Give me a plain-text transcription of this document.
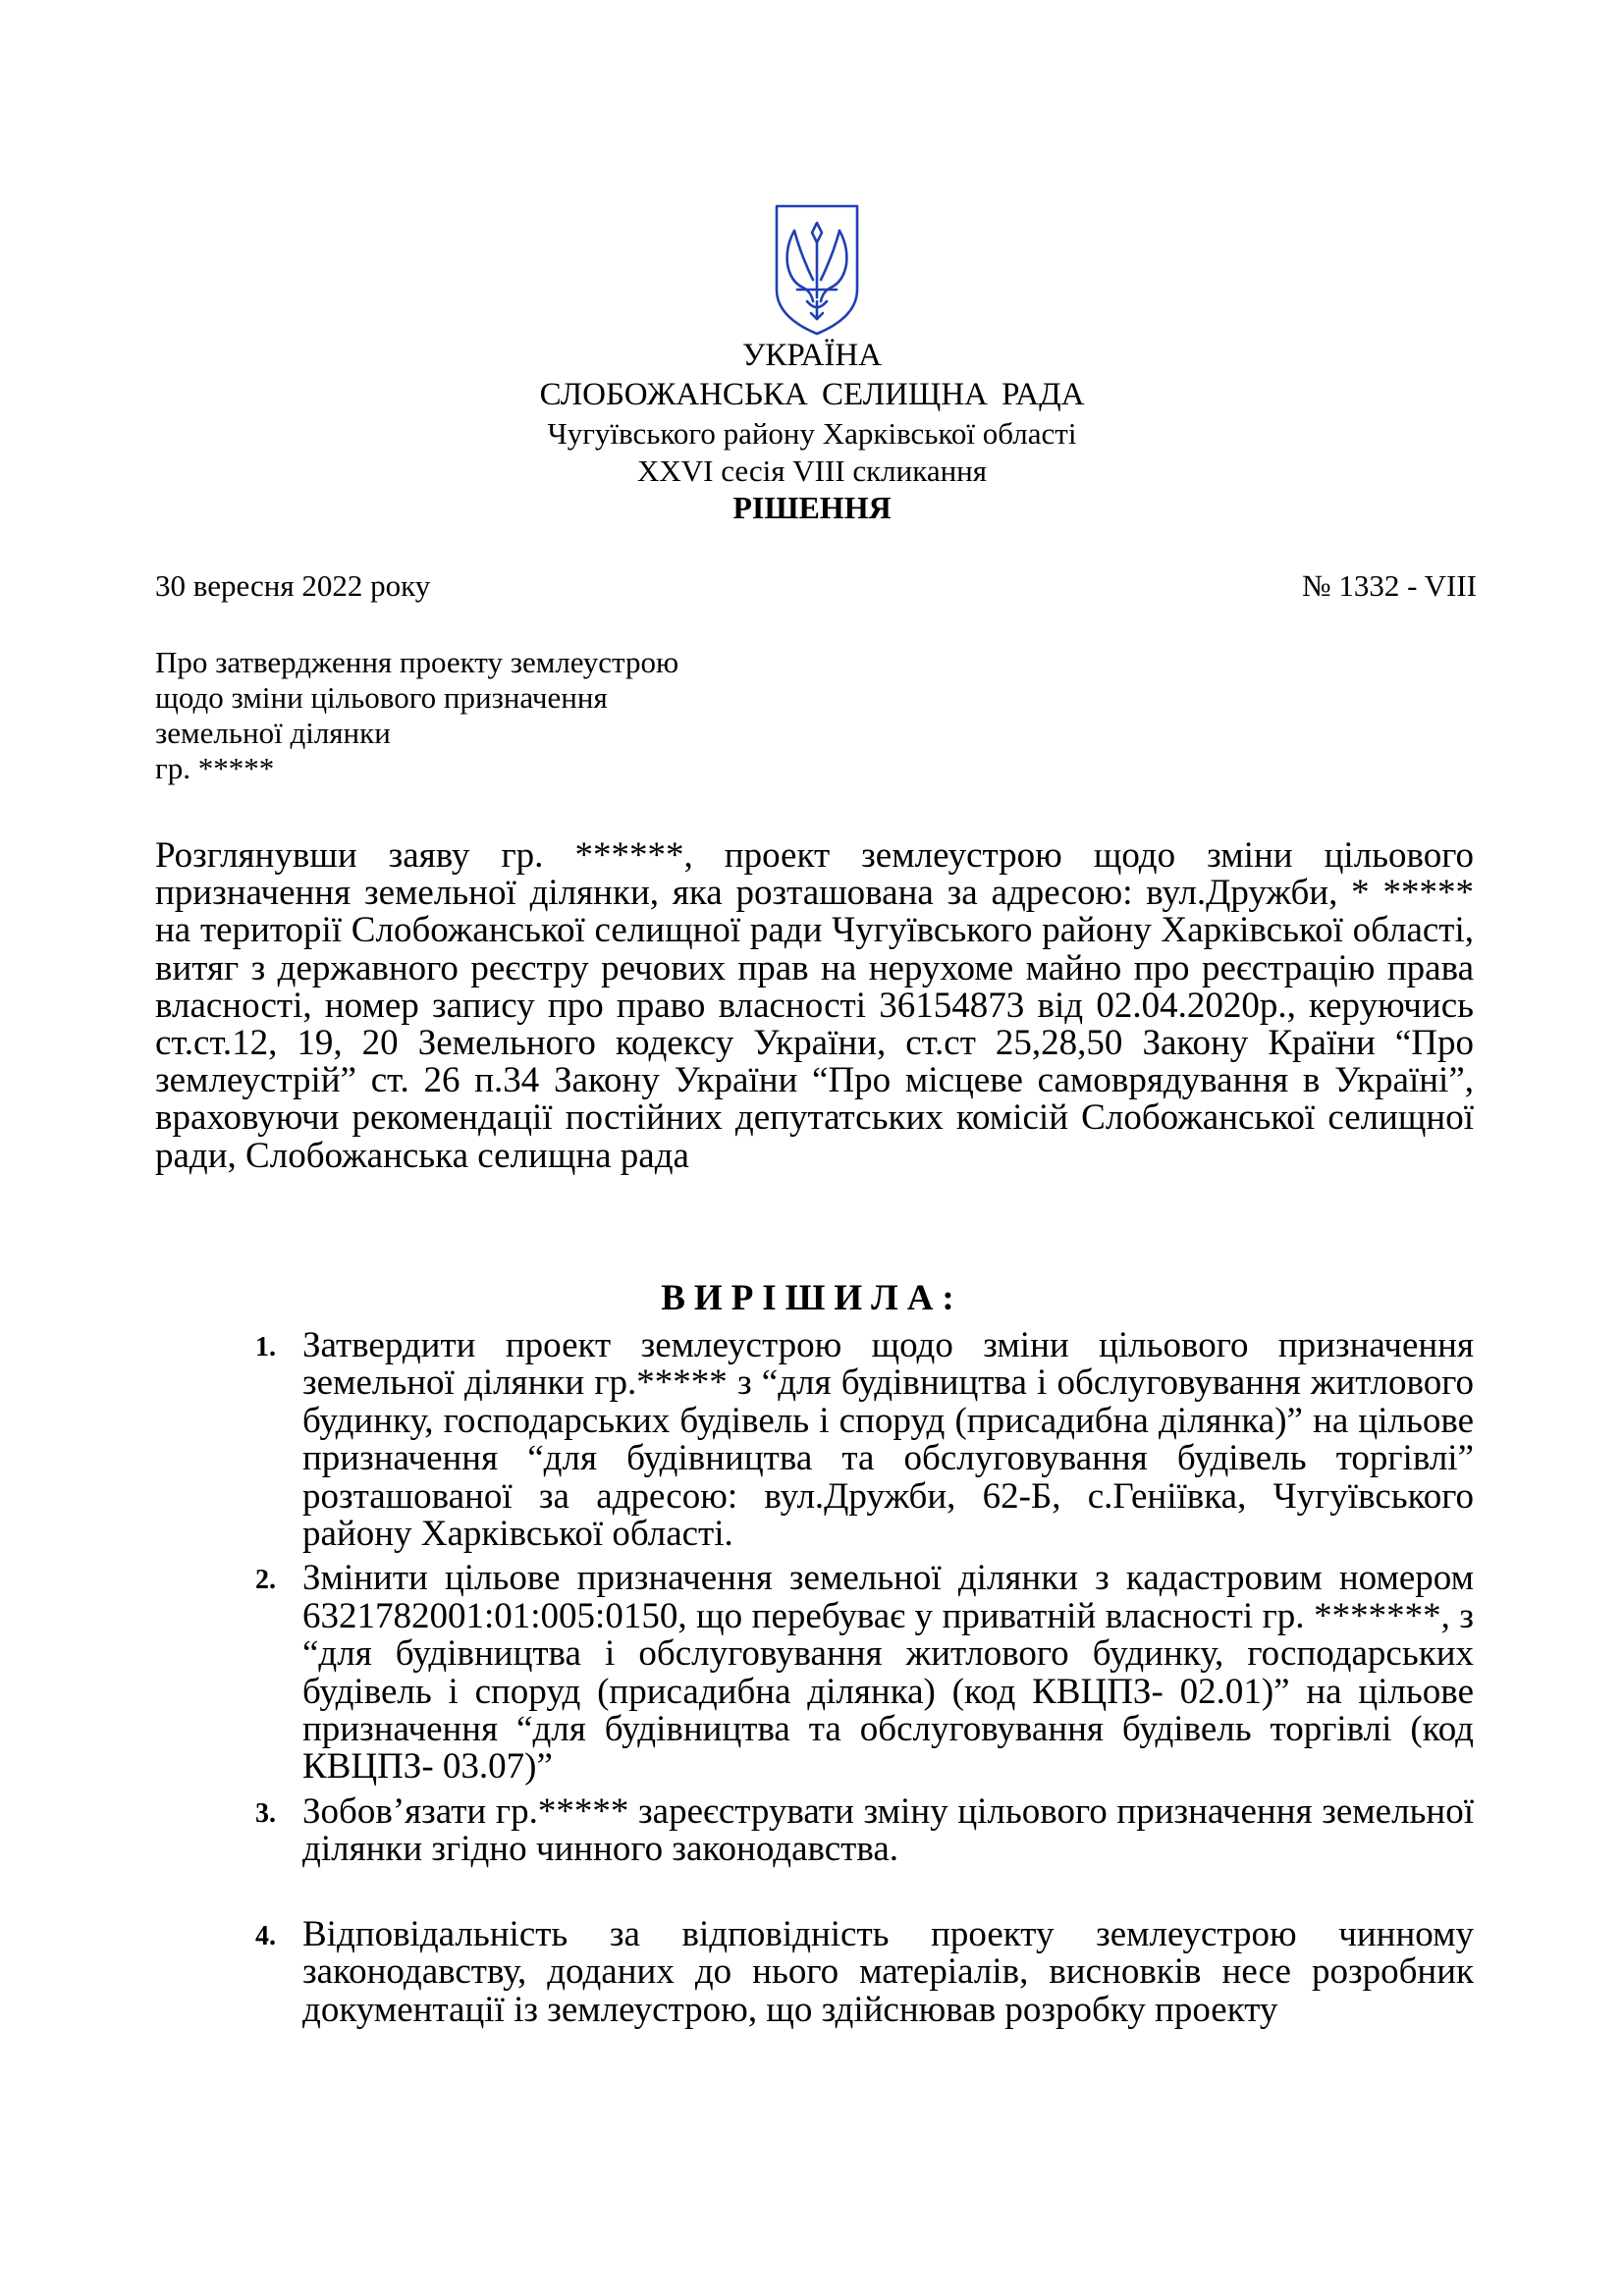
УКРАЇНА
СЛОБОЖАНСЬКА СЕЛИЩНА РАДА
Чугуївського району Харківської області
XXVI сесія VIII скликання
РІШЕННЯ
30 вересня 2022 року	№ 1332 - VIII
Про затвердження проекту землеустрою
щодо зміни цільового призначення
земельної ділянки
гр. *****
Розглянувши заяву гр. ******, проект землеустрою щодо зміни цільового призначення земельної ділянки, яка розташована за адресою: вул.Дружби, * ***** на території Слобожанської селищної ради Чугуївського району Харківської області, витяг з державного реєстру речових прав на нерухоме майно про реєстрацію права власності, номер запису про право власності 36154873 від 02.04.2020р., керуючись ст.ст.12, 19, 20 Земельного кодексу України, ст.ст 25,28,50 Закону Країни “Про землеустрій” ст. 26 п.34 Закону України “Про місцеве самоврядування в Україні”, враховуючи рекомендації постійних депутатських комісій Слобожанської селищної ради, Слобожанська селищна рада
ВИРІШИЛА:
1. Затвердити проект землеустрою щодо зміни цільового призначення земельної ділянки гр.***** з “для будівництва і обслуговування житлового будинку, господарських будівель і споруд (присадибна ділянка)” на цільове призначення “для будівництва та обслуговування будівель торгівлі” розташованої за адресою: вул.Дружби, 62-Б, с.Геніївка, Чугуївського району Харківської області.
2. Змінити цільове призначення земельної ділянки з кадастровим номером 6321782001:01:005:0150, що перебуває у приватній власності гр. *******, з “для будівництва і обслуговування житлового будинку, господарських будівель і споруд (присадибна ділянка) (код КВЦПЗ- 02.01)” на цільове призначення “для будівництва та обслуговування будівель торгівлі (код КВЦПЗ- 03.07)”
3. Зобов’язати гр.***** зареєструвати зміну цільового призначення земельної ділянки згідно чинного законодавства.
4. Відповідальність за відповідність проекту землеустрою чинному законодавству, доданих до нього матеріалів, висновків несе розробник документації із землеустрою, що здійснював розробку проекту
